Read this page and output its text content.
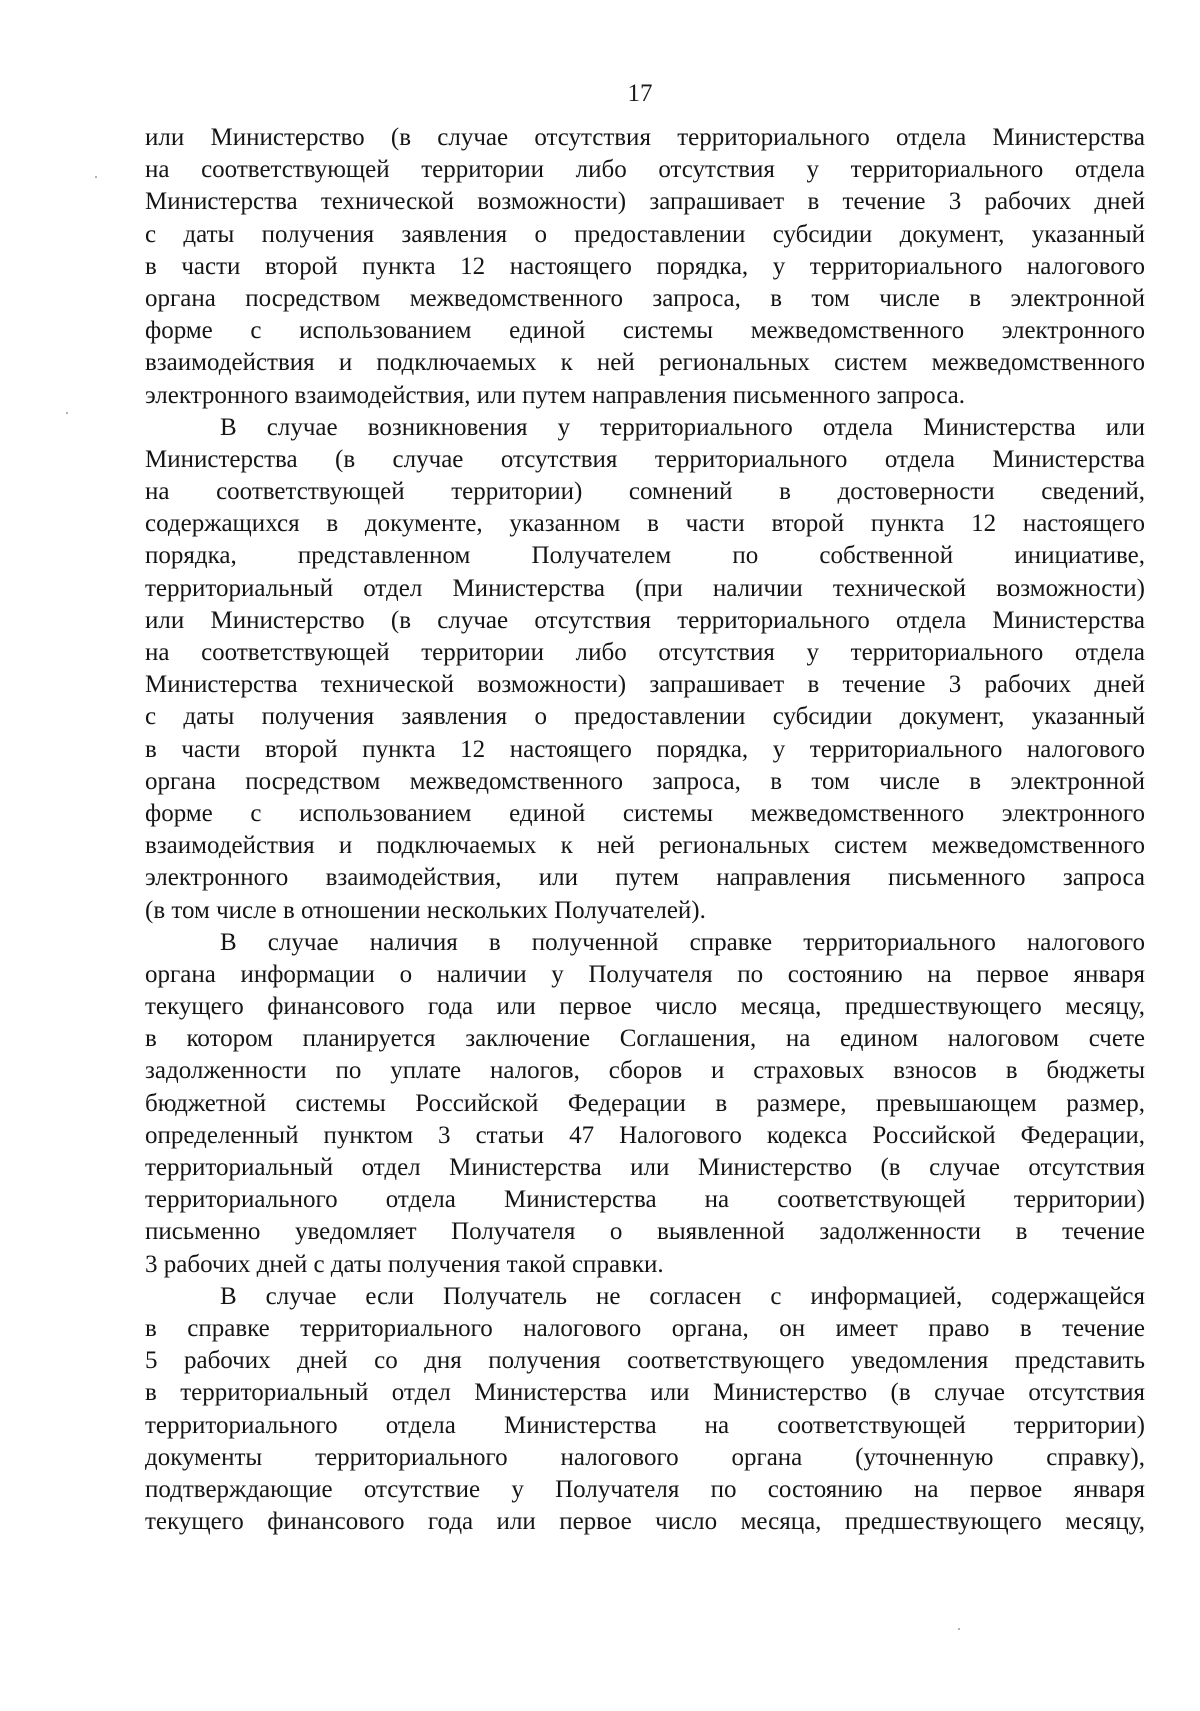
17
или Министерство (в случае отсутствия территориального отдела Министерства
на соответствующей территории либо отсутствия у территориального отдела
Министерства технической возможности) запрашивает в течение 3 рабочих дней
с даты получения заявления о предоставлении субсидии документ, указанный
в части второй пункта 12 настоящего порядка, у территориального налогового
органа посредством межведомственного запроса, в том числе в электронной
форме с использованием единой системы межведомственного электронного
взаимодействия и подключаемых к ней региональных систем межведомственного
электронного взаимодействия, или путем направления письменного запроса.
В случае возникновения у территориального отдела Министерства или
Министерства (в случае отсутствия территориального отдела Министерства
на соответствующей территории) сомнений в достоверности сведений,
содержащихся в документе, указанном в части второй пункта 12 настоящего
порядка, представленном Получателем по собственной инициативе,
территориальный отдел Министерства (при наличии технической возможности)
или Министерство (в случае отсутствия территориального отдела Министерства
на соответствующей территории либо отсутствия у территориального отдела
Министерства технической возможности) запрашивает в течение 3 рабочих дней
с даты получения заявления о предоставлении субсидии документ, указанный
в части второй пункта 12 настоящего порядка, у территориального налогового
органа посредством межведомственного запроса, в том числе в электронной
форме с использованием единой системы межведомственного электронного
взаимодействия и подключаемых к ней региональных систем межведомственного
электронного взаимодействия, или путем направления письменного запроса
(в том числе в отношении нескольких Получателей).
В случае наличия в полученной справке территориального налогового
органа информации о наличии у Получателя по состоянию на первое января
текущего финансового года или первое число месяца, предшествующего месяцу,
в котором планируется заключение Соглашения, на едином налоговом счете
задолженности по уплате налогов, сборов и страховых взносов в бюджеты
бюджетной системы Российской Федерации в размере, превышающем размер,
определенный пунктом 3 статьи 47 Налогового кодекса Российской Федерации,
территориальный отдел Министерства или Министерство (в случае отсутствия
территориального отдела Министерства на соответствующей территории)
письменно уведомляет Получателя о выявленной задолженности в течение
3 рабочих дней с даты получения такой справки.
В случае если Получатель не согласен с информацией, содержащейся
в справке территориального налогового органа, он имеет право в течение
5 рабочих дней со дня получения соответствующего уведомления представить
в территориальный отдел Министерства или Министерство (в случае отсутствия
территориального отдела Министерства на соответствующей территории)
документы территориального налогового органа (уточненную справку),
подтверждающие отсутствие у Получателя по состоянию на первое января
текущего финансового года или первое число месяца, предшествующего месяцу,
